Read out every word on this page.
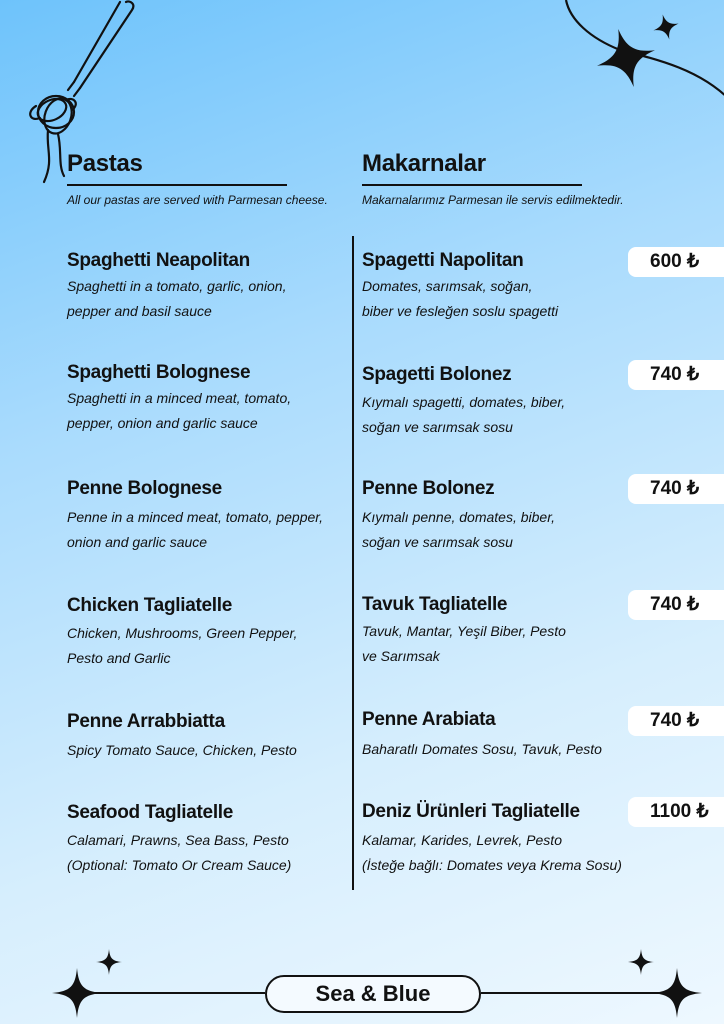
Pastas
All our pastas are served with Parmesan cheese.
Makarnalar
Makarnalarımız Parmesan ile servis edilmektedir.
Spaghetti Neapolitan
Spaghetti in a tomato, garlic, onion,
pepper and basil sauce
Spagetti Napolitan
Domates, sarımsak, soğan,
biber ve fesleğen soslu spagetti
600 ₺
Spaghetti Bolognese
Spaghetti in a minced meat, tomato,
pepper, onion and garlic sauce
Spagetti Bolonez
Kıymalı spagetti, domates, biber,
soğan ve sarımsak sosu
740 ₺
Penne Bolognese
Penne in a minced meat, tomato, pepper,
onion and garlic sauce
Penne Bolonez
Kıymalı penne, domates, biber,
soğan ve sarımsak sosu
740 ₺
Chicken Tagliatelle
Chicken, Mushrooms, Green Pepper,
Pesto and Garlic
Tavuk Tagliatelle
Tavuk, Mantar, Yeşil Biber, Pesto
ve Sarımsak
740 ₺
Penne Arrabbiatta
Spicy Tomato Sauce, Chicken, Pesto
Penne Arabiata
Baharatlı Domates Sosu, Tavuk, Pesto
740 ₺
Seafood Tagliatelle
Calamari, Prawns, Sea Bass, Pesto
(Optional: Tomato Or Cream Sauce)
Deniz Ürünleri Tagliatelle
Kalamar, Karides, Levrek, Pesto
(İsteğe bağlı: Domates veya Krema Sosu)
1100 ₺
Sea & Blue
